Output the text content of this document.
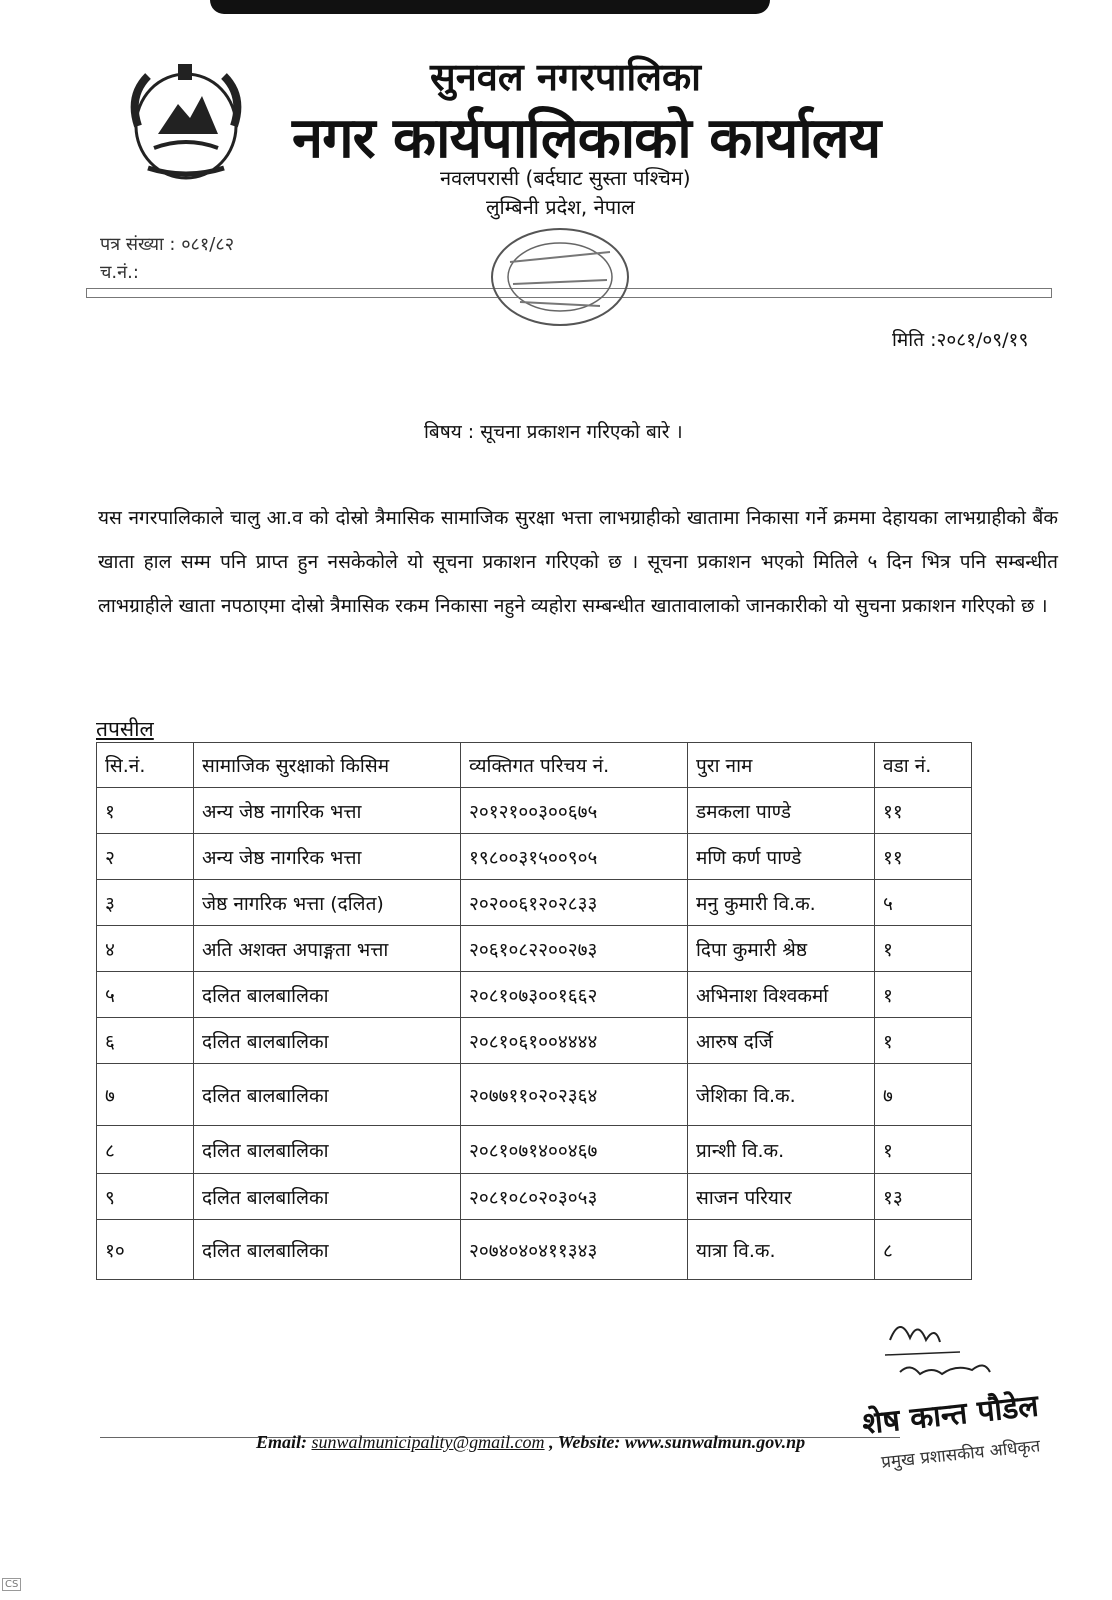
सुनवल नगरपालिका
नगर कार्यपालिकाको कार्यालय
नवलपरासी (बर्दघाट सुस्ता पश्चिम)
लुम्बिनी प्रदेश, नेपाल
पत्र संख्या : ०८१/८२
च.नं.:
मिति :२०८१/०९/१९
बिषय : सूचना प्रकाशन गरिएको बारे ।
यस नगरपालिकाले चालु आ.व को दोस्रो त्रैमासिक सामाजिक सुरक्षा भत्ता लाभग्राहीको खातामा निकासा गर्ने क्रममा देहायका लाभग्राहीको बैंक खाता हाल सम्म पनि प्राप्त हुन नसकेकोले यो सूचना प्रकाशन गरिएको छ । सूचना प्रकाशन भएको मितिले ५ दिन भित्र पनि सम्बन्धीत लाभग्राहीले खाता नपठाएमा दोस्रो त्रैमासिक रकम निकासा नहुने व्यहोरा सम्बन्धीत खातावालाको जानकारीको यो सुचना प्रकाशन गरिएको छ ।
तपसील
सि.नं.	सामाजिक सुरक्षाको किसिम	व्यक्तिगत परिचय नं.	पुरा नाम	वडा नं.
१	अन्य जेष्ठ नागरिक भत्ता	२०१२१००३००६७५	डमकला पाण्डे	११
२	अन्य जेष्ठ नागरिक भत्ता	१९८००३१५००९०५	मणि कर्ण पाण्डे	११
३	जेष्ठ नागरिक भत्ता (दलित)	२०२००६१२०२८३३	मनु कुमारी वि.क.	५
४	अति अशक्त अपाङ्गता भत्ता	२०६१०८२२००२७३	दिपा कुमारी श्रेष्ठ	१
५	दलित बालबालिका	२०८१०७३००१६६२	अभिनाश विश्वकर्मा	१
६	दलित बालबालिका	२०८१०६१००४४४४	आरुष दर्जि	१
७	दलित बालबालिका	२०७७११०२०२३६४	जेशिका वि.क.	७
८	दलित बालबालिका	२०८१०७१४००४६७	प्रान्शी वि.क.	१
९	दलित बालबालिका	२०८१०८०२०३०५३	साजन परियार	१३
१०	दलित बालबालिका	२०७४०४०४११३४३	यात्रा वि.क.	८
Email: sunwalmunicipality@gmail.com , Website: www.sunwalmun.gov.np
शेष कान्त पौडेल
प्रमुख प्रशासकीय अधिकृत
CS
